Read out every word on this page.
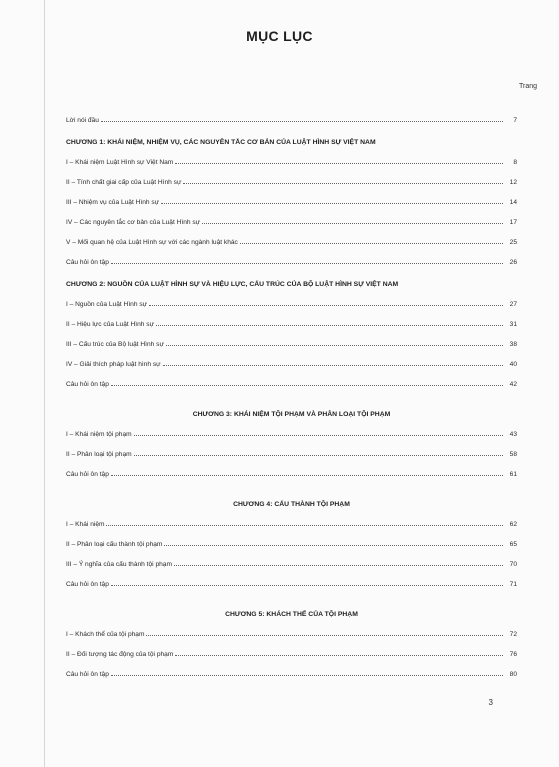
MỤC LỤC
Trang
Lời nói đầu	7
CHƯƠNG 1: KHÁI NIỆM, NHIỆM VỤ, CÁC NGUYÊN TẮC CƠ BẢN CỦA LUẬT HÌNH SỰ VIỆT NAM
I – Khái niệm Luật Hình sự Việt Nam	8
II – Tính chất giai cấp của Luật Hình sự	12
III – Nhiệm vụ của Luật Hình sự	14
IV – Các nguyên tắc cơ bản của Luật Hình sự	17
V – Mối quan hệ của Luật Hình sự với các ngành luật khác	25
Câu hỏi ôn tập	26
CHƯƠNG 2: NGUỒN CỦA LUẬT HÌNH SỰ VÀ HIỆU LỰC, CẤU TRÚC CỦA BỘ LUẬT HÌNH SỰ VIỆT NAM
I – Nguồn của Luật Hình sự	27
II – Hiệu lực của Luật Hình sự	31
III – Cấu trúc của Bộ luật Hình sự	38
IV – Giải thích pháp luật hình sự	40
Câu hỏi ôn tập	42
CHƯƠNG 3: KHÁI NIỆM TỘI PHẠM VÀ PHÂN LOẠI TỘI PHẠM
I – Khái niệm tội phạm	43
II – Phân loại tội phạm	58
Câu hỏi ôn tập	61
CHƯƠNG 4: CẤU THÀNH TỘI PHẠM
I – Khái niệm	62
II – Phân loại cấu thành tội phạm	65
III – Ý nghĩa của cấu thành tội phạm	70
Câu hỏi ôn tập	71
CHƯƠNG 5: KHÁCH THỂ CỦA TỘI PHẠM
I – Khách thể của tội phạm	72
II – Đối tượng tác động của tội phạm	76
Câu hỏi ôn tập	80
3
